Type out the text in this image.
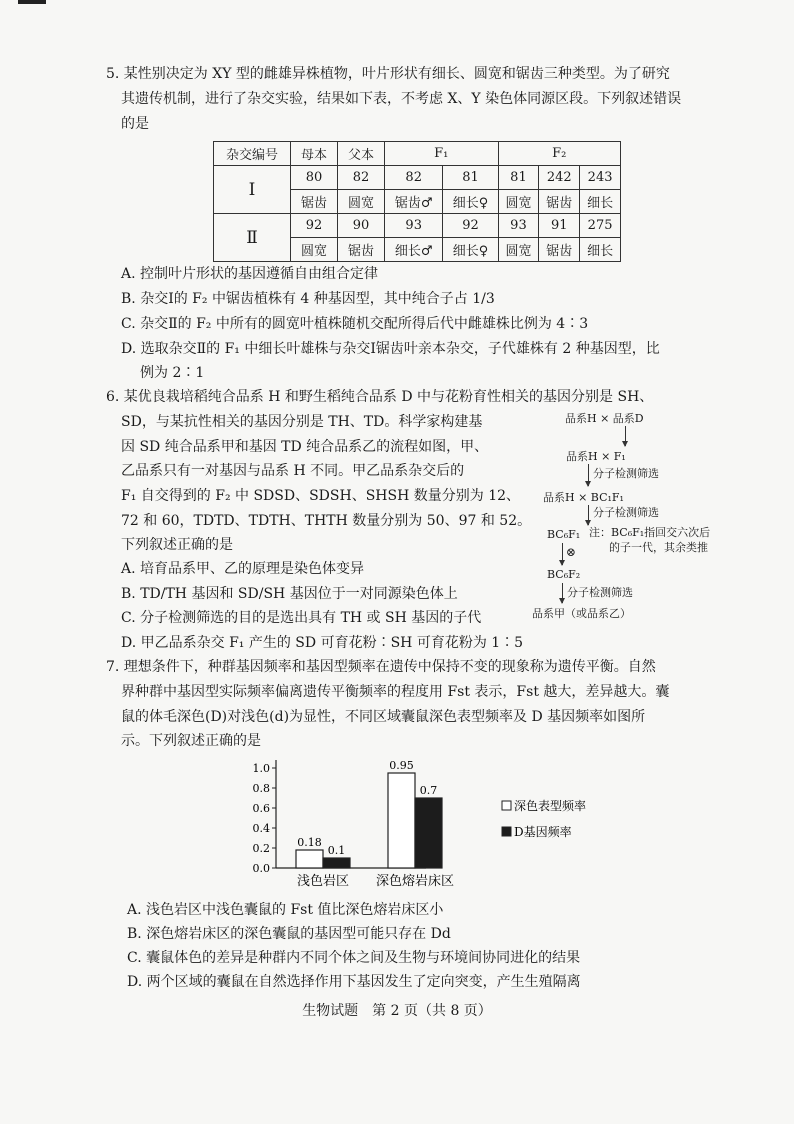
5. 某性别决定为 XY 型的雌雄异株植物，叶片形状有细长、圆宽和锯齿三种类型。为了研究
其遗传机制，进行了杂交实验，结果如下表，不考虑 X、Y 染色体同源区段。下列叙述错误
的是
杂交编号	母本	父本	F₁		F₂		
Ⅰ	80	82	82	81	81	242	243
	锯齿	圆宽	锯齿♂	细长♀	圆宽	锯齿	细长
Ⅱ	92	90	93	92	93	91	275
	圆宽	锯齿	细长♂	细长♀	圆宽	锯齿	细长
A. 控制叶片形状的基因遵循自由组合定律
B. 杂交Ⅰ的 F₂ 中锯齿植株有 4 种基因型，其中纯合子占 1/3
C. 杂交Ⅱ的 F₂ 中所有的圆宽叶植株随机交配所得后代中雌雄株比例为 4∶3
D. 选取杂交Ⅱ的 F₁ 中细长叶雄株与杂交Ⅰ锯齿叶亲本杂交，子代雄株有 2 种基因型，比
例为 2∶1
6. 某优良栽培稻纯合品系 H 和野生稻纯合品系 D 中与花粉育性相关的基因分别是 SH、
SD，与某抗性相关的基因分别是 TH、TD。科学家构建基
因 SD 纯合品系甲和基因 TD 纯合品系乙的流程如图，甲、
乙品系只有一对基因与品系 H 不同。甲乙品系杂交后的
F₁ 自交得到的 F₂ 中 SDSD、SDSH、SHSH 数量分别为 12、
72 和 60，TDTD、TDTH、THTH 数量分别为 50、97 和 52。
下列叙述正确的是
A. 培育品系甲、乙的原理是染色体变异
B. TD/TH 基因和 SD/SH 基因位于一对同源染色体上
C. 分子检测筛选的目的是选出具有 TH 或 SH 基因的子代
D. 甲乙品系杂交 F₁ 产生的 SD 可育花粉∶SH 可育花粉为 1∶5
品系H × 品系D
品系H × F₁
分子检测筛选
品系H × BC₁F₁
分子检测筛选
BC₆F₁ 注：BC₆F₁指回交六次后
的子一代，其余类推
⊗
BC₆F₂
分子检测筛选
品系甲（或品系乙）
7. 理想条件下，种群基因频率和基因型频率在遗传中保持不变的现象称为遗传平衡。自然
界种群中基因型实际频率偏离遗传平衡频率的程度用 Fst 表示，Fst 越大，差异越大。囊
鼠的体毛深色(D)对浅色(d)为显性，不同区域囊鼠深色表型频率及 D 基因频率如图所
示。下列叙述正确的是
0.0
0.2
0.4
0.6
0.8
1.0
0.18
0.1
浅色岩区
0.95
0.7
深色熔岩床区
深色表型频率
D基因频率
A. 浅色岩区中浅色囊鼠的 Fst 值比深色熔岩床区小
B. 深色熔岩床区的深色囊鼠的基因型可能只存在 Dd
C. 囊鼠体色的差异是种群内不同个体之间及生物与环境间协同进化的结果
D. 两个区域的囊鼠在自然选择作用下基因发生了定向突变，产生生殖隔离
生物试题　第 2 页（共 8 页）
